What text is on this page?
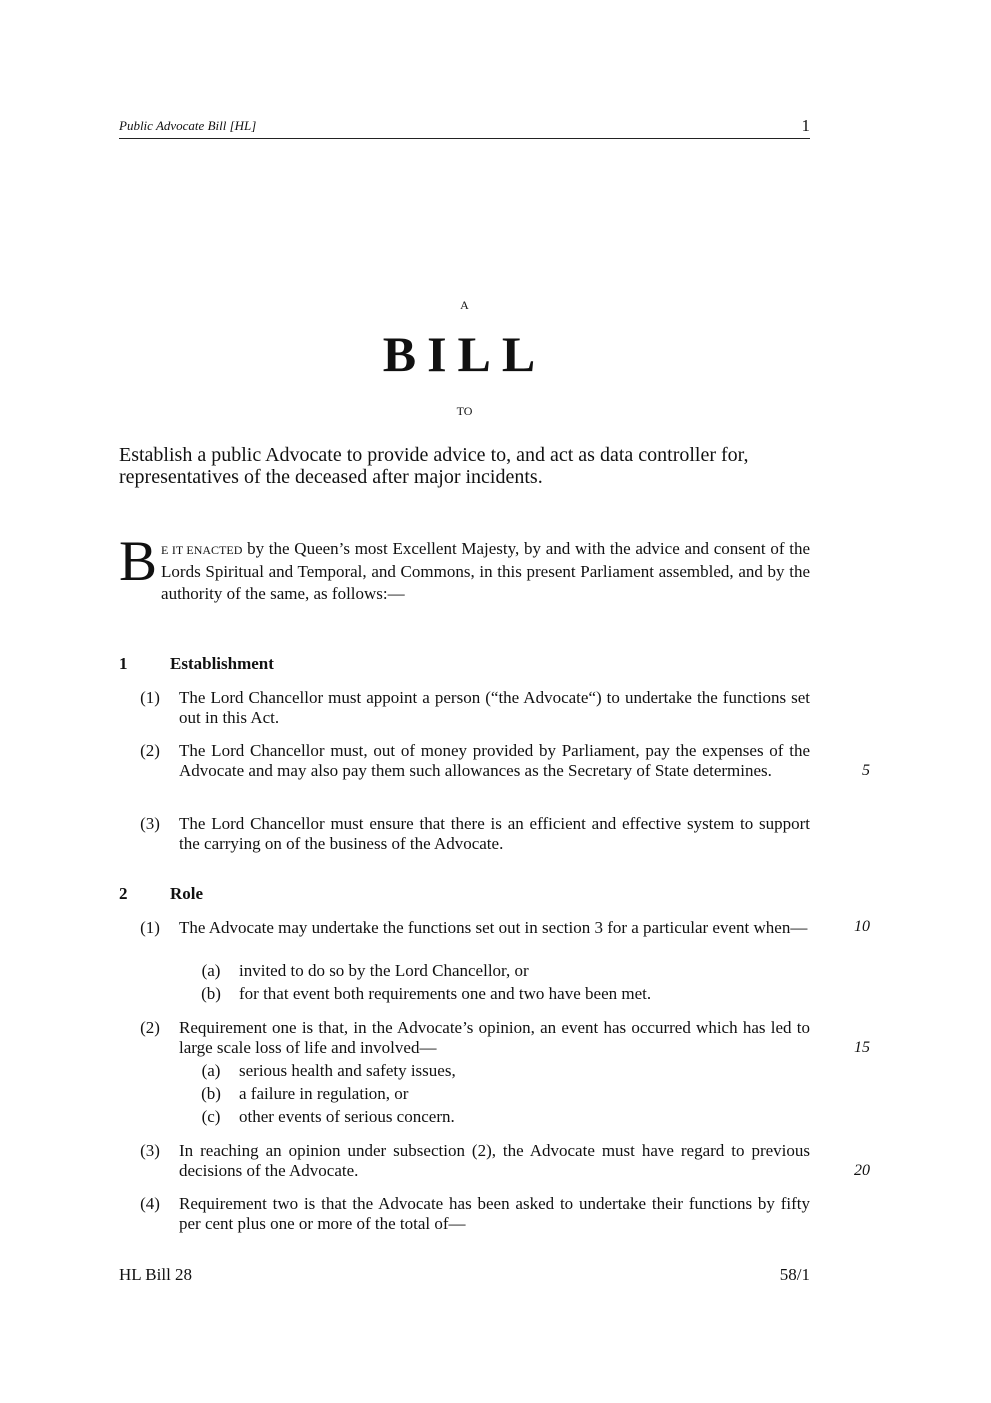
Public Advocate Bill [HL]	1
A
BILL
TO
Establish a public Advocate to provide advice to, and act as data controller for, representatives of the deceased after major incidents.
B E IT ENACTED by the Queen’s most Excellent Majesty, by and with the advice and consent of the Lords Spiritual and Temporal, and Commons, in this present Parliament assembled, and by the authority of the same, as follows:—
1	Establishment
(1) The Lord Chancellor must appoint a person (“the Advocate“) to undertake the functions set out in this Act.
(2) The Lord Chancellor must, out of money provided by Parliament, pay the expenses of the Advocate and may also pay them such allowances as the Secretary of State determines.
(3) The Lord Chancellor must ensure that there is an efficient and effective system to support the carrying on of the business of the Advocate.
2	Role
(1) The Advocate may undertake the functions set out in section 3 for a particular event when—
(a) invited to do so by the Lord Chancellor, or
(b) for that event both requirements one and two have been met.
(2) Requirement one is that, in the Advocate’s opinion, an event has occurred which has led to large scale loss of life and involved—
(a) serious health and safety issues,
(b) a failure in regulation, or
(c) other events of serious concern.
(3) In reaching an opinion under subsection (2), the Advocate must have regard to previous decisions of the Advocate.
(4) Requirement two is that the Advocate has been asked to undertake their functions by fifty per cent plus one or more of the total of—
5
10
15
20
HL Bill 28	58/1
